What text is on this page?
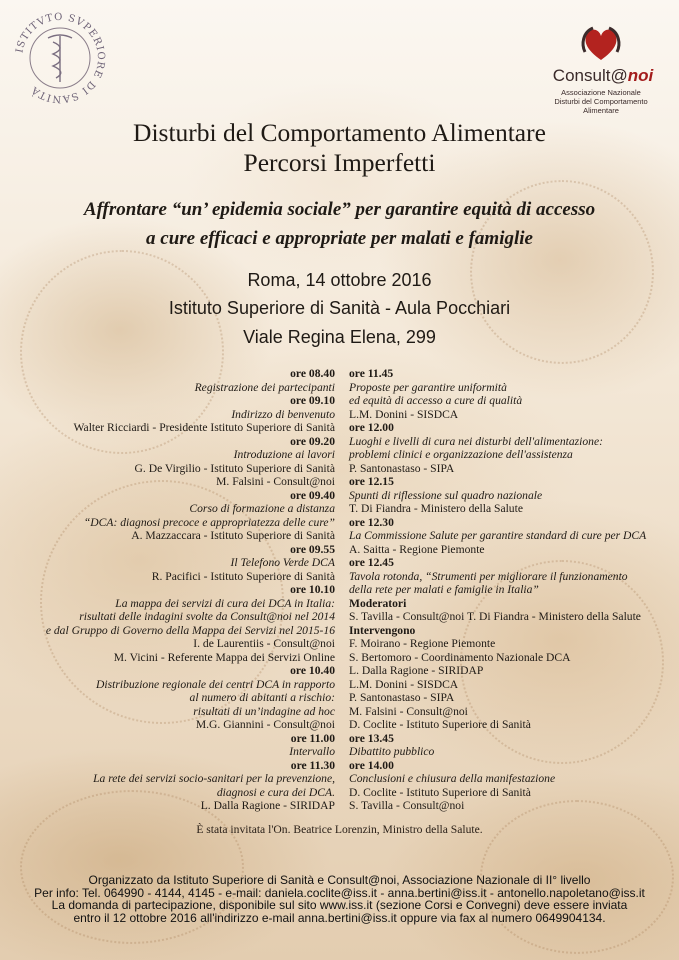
ISTITVTO SVPERIORE DI SANITÀ
Consult@noi
Associazione Nazionale
Disturbi del Comportamento Alimentare
Disturbi del Comportamento Alimentare
Percorsi Imperfetti
Affrontare “un’ epidemia sociale” per garantire equità di accesso
a cure efficaci e appropriate per malati e famiglie
Roma, 14 ottobre 2016
Istituto Superiore di Sanità - Aula Pocchiari
Viale Regina Elena, 299
ore 08.40
Registrazione dei partecipanti
ore 09.10
Indirizzo di benvenuto
Walter Ricciardi - Presidente Istituto Superiore di Sanità
ore 09.20
Introduzione ai lavori
G. De Virgilio - Istituto Superiore di Sanità
M. Falsini - Consult@noi
ore 09.40
Corso di formazione a distanza
“DCA: diagnosi precoce e appropriatezza delle cure”
A. Mazzaccara - Istituto Superiore di Sanità
ore 09.55
Il Telefono Verde DCA
R. Pacifici - Istituto Superiore di Sanità
ore 10.10
La mappa dei servizi di cura dei DCA in Italia:
risultati delle indagini svolte da Consult@noi nel 2014
e dal Gruppo di Governo della Mappa dei Servizi nel 2015-16
I. de Laurentiis - Consult@noi
M. Vicini - Referente Mappa dei Servizi Online
ore 10.40
Distribuzione regionale dei centri DCA in rapporto
al numero di abitanti a rischio:
risultati di un’indagine ad hoc
M.G. Giannini - Consult@noi
ore 11.00
Intervallo
ore 11.30
La rete dei servizi socio-sanitari per la prevenzione,
diagnosi e cura dei DCA.
L. Dalla Ragione - SIRIDAP
ore 11.45
Proposte per garantire uniformità
ed equità di accesso a cure di qualità
L.M. Donini - SISDCA
ore 12.00
Luoghi e livelli di cura nei disturbi dell'alimentazione:
problemi clinici e organizzazione dell'assistenza
P. Santonastaso - SIPA
ore 12.15
Spunti di riflessione sul quadro nazionale
T. Di Fiandra - Ministero della Salute
ore 12.30
La Commissione Salute per garantire standard di cure per DCA
A. Saitta - Regione Piemonte
ore 12.45
Tavola rotonda, “Strumenti per migliorare il funzionamento
della rete per malati e famiglie in Italia”
Moderatori
S. Tavilla - Consult@noi T. Di Fiandra - Ministero della Salute
Intervengono
F. Moirano - Regione Piemonte
S. Bertomoro - Coordinamento Nazionale DCA
L. Dalla Ragione - SIRIDAP
L.M. Donini - SISDCA
P. Santonastaso - SIPA
M. Falsini - Consult@noi
D. Coclite - Istituto Superiore di Sanità
ore 13.45
Dibattito pubblico
ore 14.00
Conclusioni e chiusura della manifestazione
D. Coclite - Istituto Superiore di Sanità
S. Tavilla - Consult@noi
È stata invitata l'On. Beatrice Lorenzin, Ministro della Salute.
Organizzato da Istituto Superiore di Sanità e Consult@noi, Associazione Nazionale di II° livello
Per info: Tel. 064990 - 4144, 4145 - e-mail: daniela.coclite@iss.it - anna.bertini@iss.it - antonello.napoletano@iss.it
La domanda di partecipazione, disponibile sul sito www.iss.it (sezione Corsi e Convegni) deve essere inviata
entro il 12 ottobre 2016 all'indirizzo e-mail anna.bertini@iss.it oppure via fax al numero 0649904134.
